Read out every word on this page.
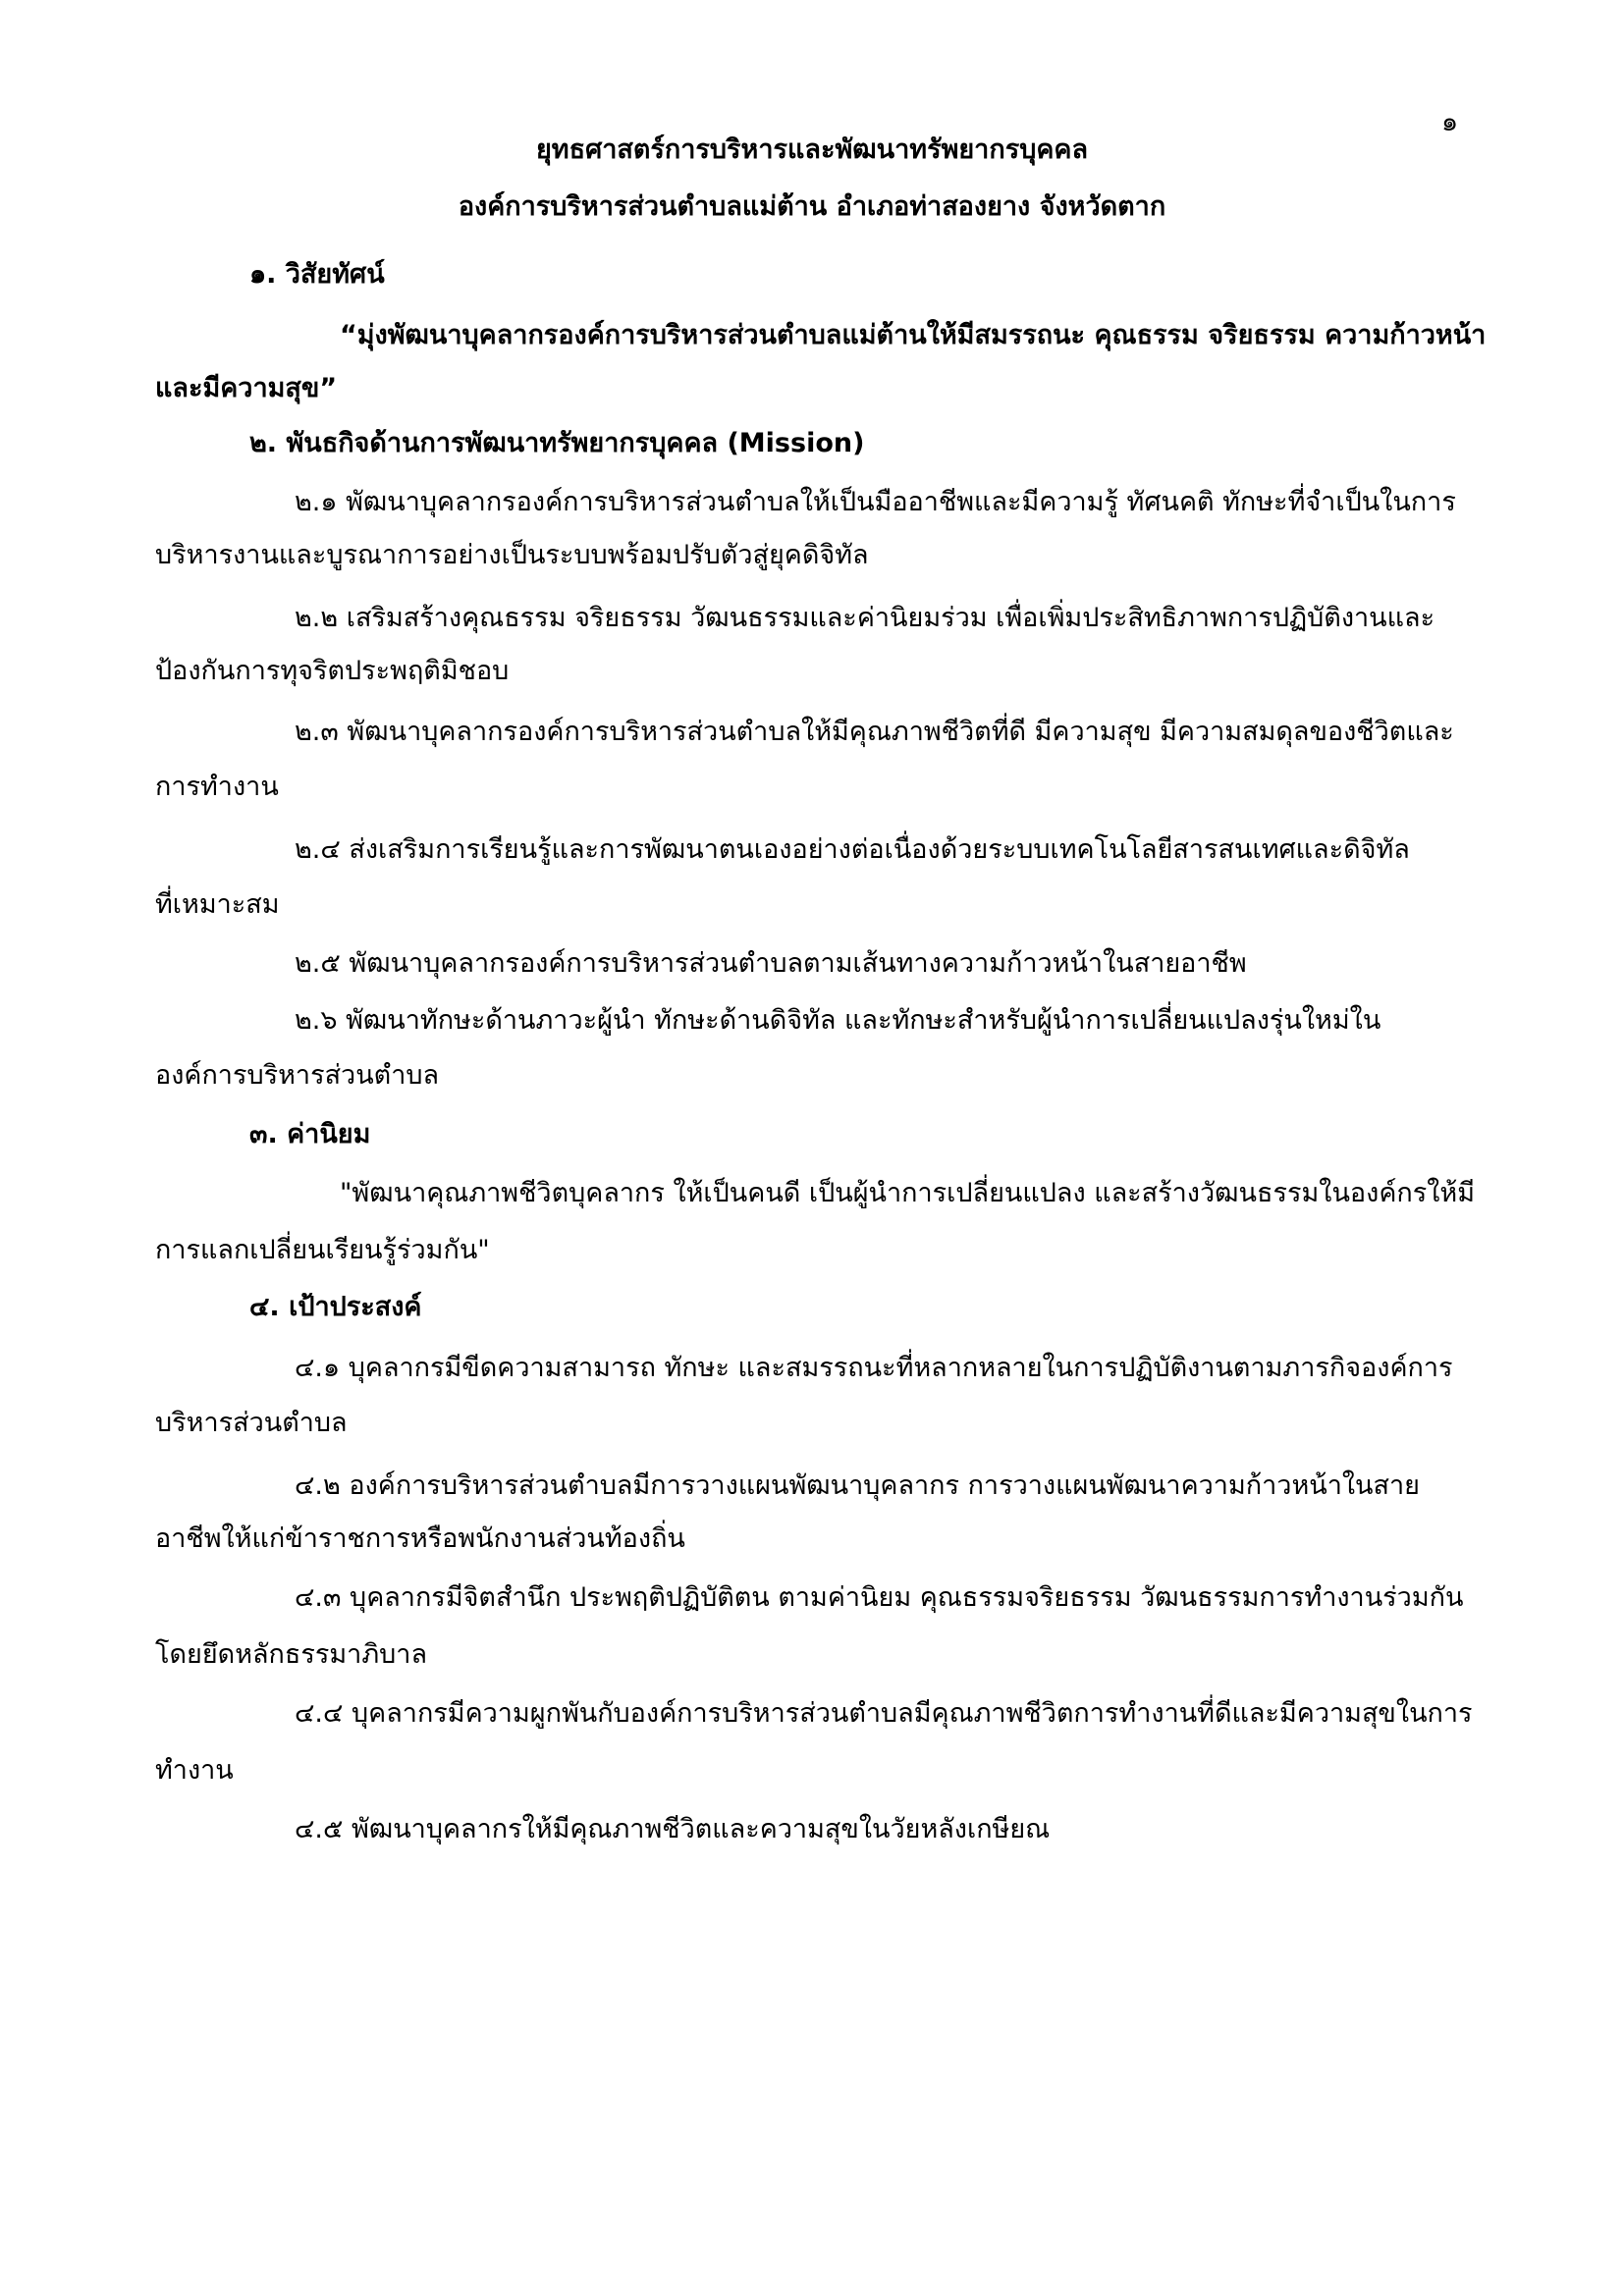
๑
ยุทธศาสตร์การบริหารและพัฒนาทรัพยากรบุคคล
องค์การบริหารส่วนตำบลแม่ต้าน อำเภอท่าสองยาง จังหวัดตาก
๑. วิสัยทัศน์
“มุ่งพัฒนาบุคลากรองค์การบริหารส่วนตำบลแม่ต้านให้มีสมรรถนะ คุณธรรม จริยธรรม ความก้าวหน้า
และมีความสุข”
๒. พันธกิจด้านการพัฒนาทรัพยากรบุคคล (Mission)
๒.๑ พัฒนาบุคลากรองค์การบริหารส่วนตำบลให้เป็นมืออาชีพและมีความรู้ ทัศนคติ ทักษะที่จำเป็นในการ
บริหารงานและบูรณาการอย่างเป็นระบบพร้อมปรับตัวสู่ยุคดิจิทัล
๒.๒ เสริมสร้างคุณธรรม จริยธรรม วัฒนธรรมและค่านิยมร่วม เพื่อเพิ่มประสิทธิภาพการปฏิบัติงานและ
ป้องกันการทุจริตประพฤติมิชอบ
๒.๓ พัฒนาบุคลากรองค์การบริหารส่วนตำบลให้มีคุณภาพชีวิตที่ดี มีความสุข มีความสมดุลของชีวิตและ
การทำงาน
๒.๔ ส่งเสริมการเรียนรู้และการพัฒนาตนเองอย่างต่อเนื่องด้วยระบบเทคโนโลยีสารสนเทศและดิจิทัล
ที่เหมาะสม
๒.๕ พัฒนาบุคลากรองค์การบริหารส่วนตำบลตามเส้นทางความก้าวหน้าในสายอาชีพ
๒.๖ พัฒนาทักษะด้านภาวะผู้นำ ทักษะด้านดิจิทัล และทักษะสำหรับผู้นำการเปลี่ยนแปลงรุ่นใหม่ใน
องค์การบริหารส่วนตำบล
๓. ค่านิยม
"พัฒนาคุณภาพชีวิตบุคลากร ให้เป็นคนดี เป็นผู้นำการเปลี่ยนแปลง และสร้างวัฒนธรรมในองค์กรให้มี
การแลกเปลี่ยนเรียนรู้ร่วมกัน"
๔. เป้าประสงค์
๔.๑ บุคลากรมีขีดความสามารถ ทักษะ และสมรรถนะที่หลากหลายในการปฏิบัติงานตามภารกิจองค์การ
บริหารส่วนตำบล
๔.๒ องค์การบริหารส่วนตำบลมีการวางแผนพัฒนาบุคลากร การวางแผนพัฒนาความก้าวหน้าในสาย
อาชีพให้แก่ข้าราชการหรือพนักงานส่วนท้องถิ่น
๔.๓ บุคลากรมีจิตสำนึก ประพฤติปฏิบัติตน ตามค่านิยม คุณธรรมจริยธรรม วัฒนธรรมการทำงานร่วมกัน
โดยยึดหลักธรรมาภิบาล
๔.๔ บุคลากรมีความผูกพันกับองค์การบริหารส่วนตำบลมีคุณภาพชีวิตการทำงานที่ดีและมีความสุขในการ
ทำงาน
๔.๕ พัฒนาบุคลากรให้มีคุณภาพชีวิตและความสุขในวัยหลังเกษียณ
